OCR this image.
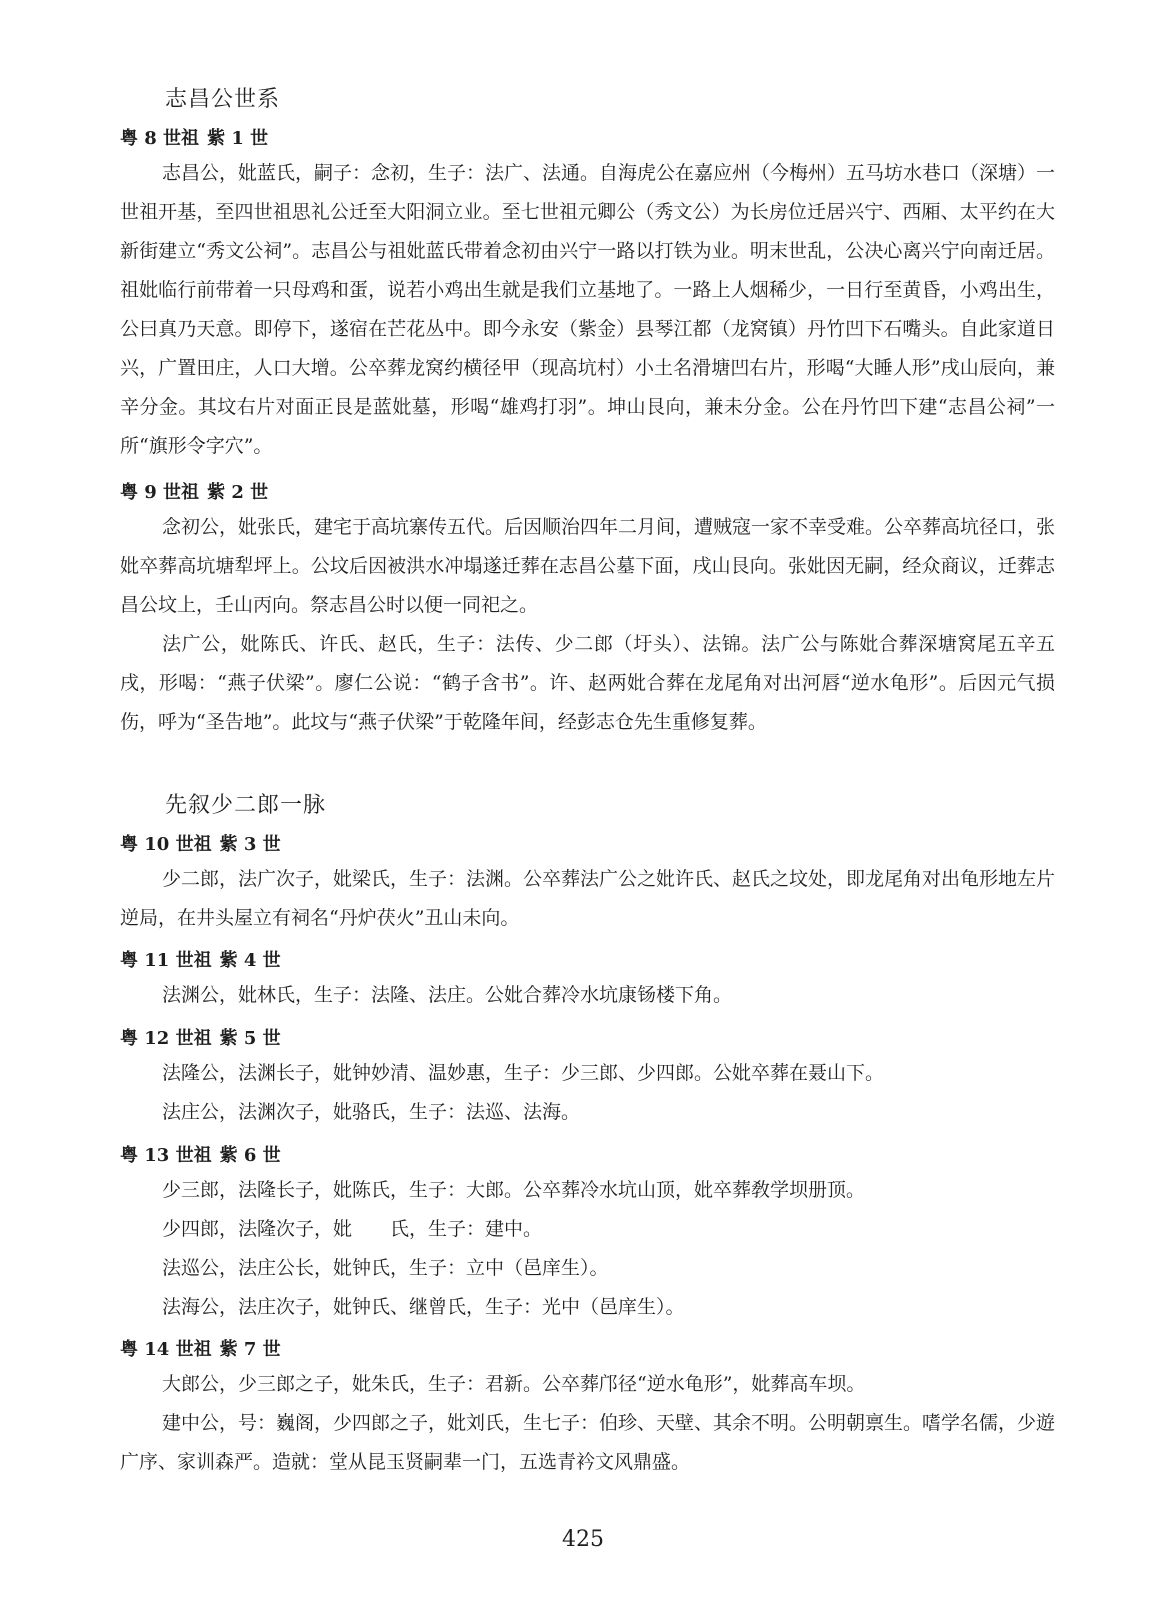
志昌公世系
粤 8 世祖 紫 1 世

志昌公，妣蓝氏，嗣子：念初，生子：法广、法通。自海虎公在嘉应州（今梅州）五马坊水巷口（深塘）一世祖开基，至四世祖思礼公迁至大阳洞立业。至七世祖元卿公（秀文公）为长房位迁居兴宁、西厢、太平约在大新街建立“秀文公祠”。志昌公与祖妣蓝氏带着念初由兴宁一路以打铁为业。明末世乱，公决心离兴宁向南迁居。祖妣临行前带着一只母鸡和蛋，说若小鸡出生就是我们立基地了。一路上人烟稀少，一日行至黄昏，小鸡出生，公曰真乃天意。即停下，遂宿在芒花丛中。即今永安（紫金）县琴江都（龙窝镇）丹竹凹下石嘴头。自此家道日兴，广置田庄，人口大增。公卒葬龙窝约横径甲（现高坑村）小土名滑塘凹右片，形喝“大睡人形”戌山辰向，兼辛分金。其坟右片对面正艮是蓝妣墓，形喝“雄鸡打羽”。坤山艮向，兼未分金。公在丹竹凹下建“志昌公祠”一所“旗形令字穴”。

粤 9 世祖 紫 2 世

念初公，妣张氏，建宅于高坑寨传五代。后因顺治四年二月间，遭贼寇一家不幸受难。公卒葬高坑径口，张妣卒葬高坑塘犁坪上。公坟后因被洪水冲塌遂迁葬在志昌公墓下面，戌山艮向。张妣因无嗣，经众商议，迁葬志昌公坟上，壬山丙向。祭志昌公时以便一同祀之。

法广公，妣陈氏、许氏、赵氏，生子：法传、少二郎（圩头）、法锦。法广公与陈妣合葬深塘窝尾五辛五戌，形喝：“燕子伏梁”。廖仁公说：“鹤子含书”。许、赵两妣合葬在龙尾角对出河唇“逆水龟形”。后因元气损伤，呼为“圣告地”。此坟与“燕子伏梁”于乾隆年间，经彭志仓先生重修复葬。

先叙少二郎一脉
粤 10 世祖 紫 3 世

少二郎，法广次子，妣梁氏，生子：法渊。公卒葬法广公之妣许氏、赵氏之坟处，即龙尾角对出龟形地左片逆局，在井头屋立有祠名“丹炉茯火”丑山未向。

粤 11 世祖 紫 4 世

法渊公，妣林氏，生子：法隆、法庄。公妣合葬冷水坑康钖楼下角。

粤 12 世祖 紫 5 世

法隆公，法渊长子，妣钟妙清、温妙惠，生子：少三郎、少四郎。公妣卒葬在聂山下。

法庄公，法渊次子，妣骆氏，生子：法巡、法海。

粤 13 世祖 紫 6 世

少三郎，法隆长子，妣陈氏，生子：大郎。公卒葬冷水坑山顶，妣卒葬敎学坝册顶。

少四郎，法隆次子，妣　　氏，生子：建中。

法巡公，法庄公长，妣钟氏，生子：立中（邑庠生）。

法海公，法庄次子，妣钟氏、继曾氏，生子：光中（邑庠生）。

粤 14 世祖 紫 7 世

大郎公，少三郎之子，妣朱氏，生子：君新。公卒葬邝径“逆水龟形”，妣葬高车坝。

建中公，号：巍阁，少四郎之子，妣刘氏，生七子：伯珍、天壁、其余不明。公明朝禀生。嗜学名儒，少遊广序、家训森严。造就：堂从昆玉贤嗣辈一门，五选青衿文风鼎盛。

425
